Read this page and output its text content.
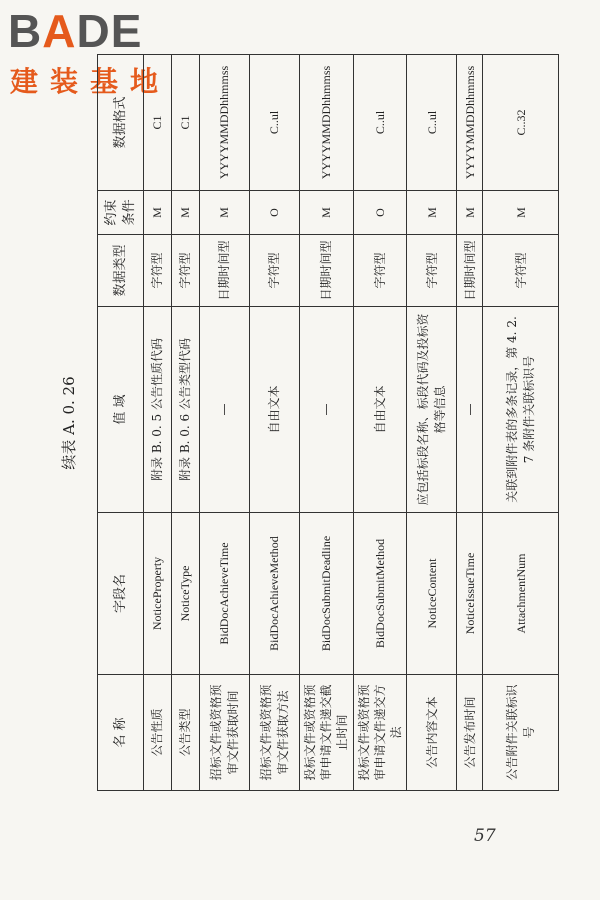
BADE
建装基地
续表 A. 0. 26
名 称	字段名	值 域	数据类型	约束条件	数据格式
公告性质	NoticeProperty	附录 B. 0. 5 公告性质代码	字符型	M	C1
公告类型	NoticeType	附录 B. 0. 6 公告类型代码	字符型	M	C1
招标文件或资格预审文件获取时间	BidDocAchieveTime	—	日期时间型	M	YYYYMMDDhhmmss
招标文件或资格预审文件获取方法	BidDocAchieveMethod	自由文本	字符型	O	C..ul
投标文件或资格预审申请文件递交截止时间	BidDocSubmitDeadline	—	日期时间型	M	YYYYMMDDhhmmss
投标文件或资格预审申请文件递交方法	BidDocSubmitMethod	自由文本	字符型	O	C..ul
公告内容文本	NoticeContent	应包括标段名称、标段代码及投标资格等信息	字符型	M	C..ul
公告发布时间	NoticeIssueTime	—	日期时间型	M	YYYYMMDDhhmmss
公告附件关联标识号	AttachmentNum	关联到附件表的多条记录，第 4. 2. 7 条附件关联标识号	字符型	M	C..32
57
